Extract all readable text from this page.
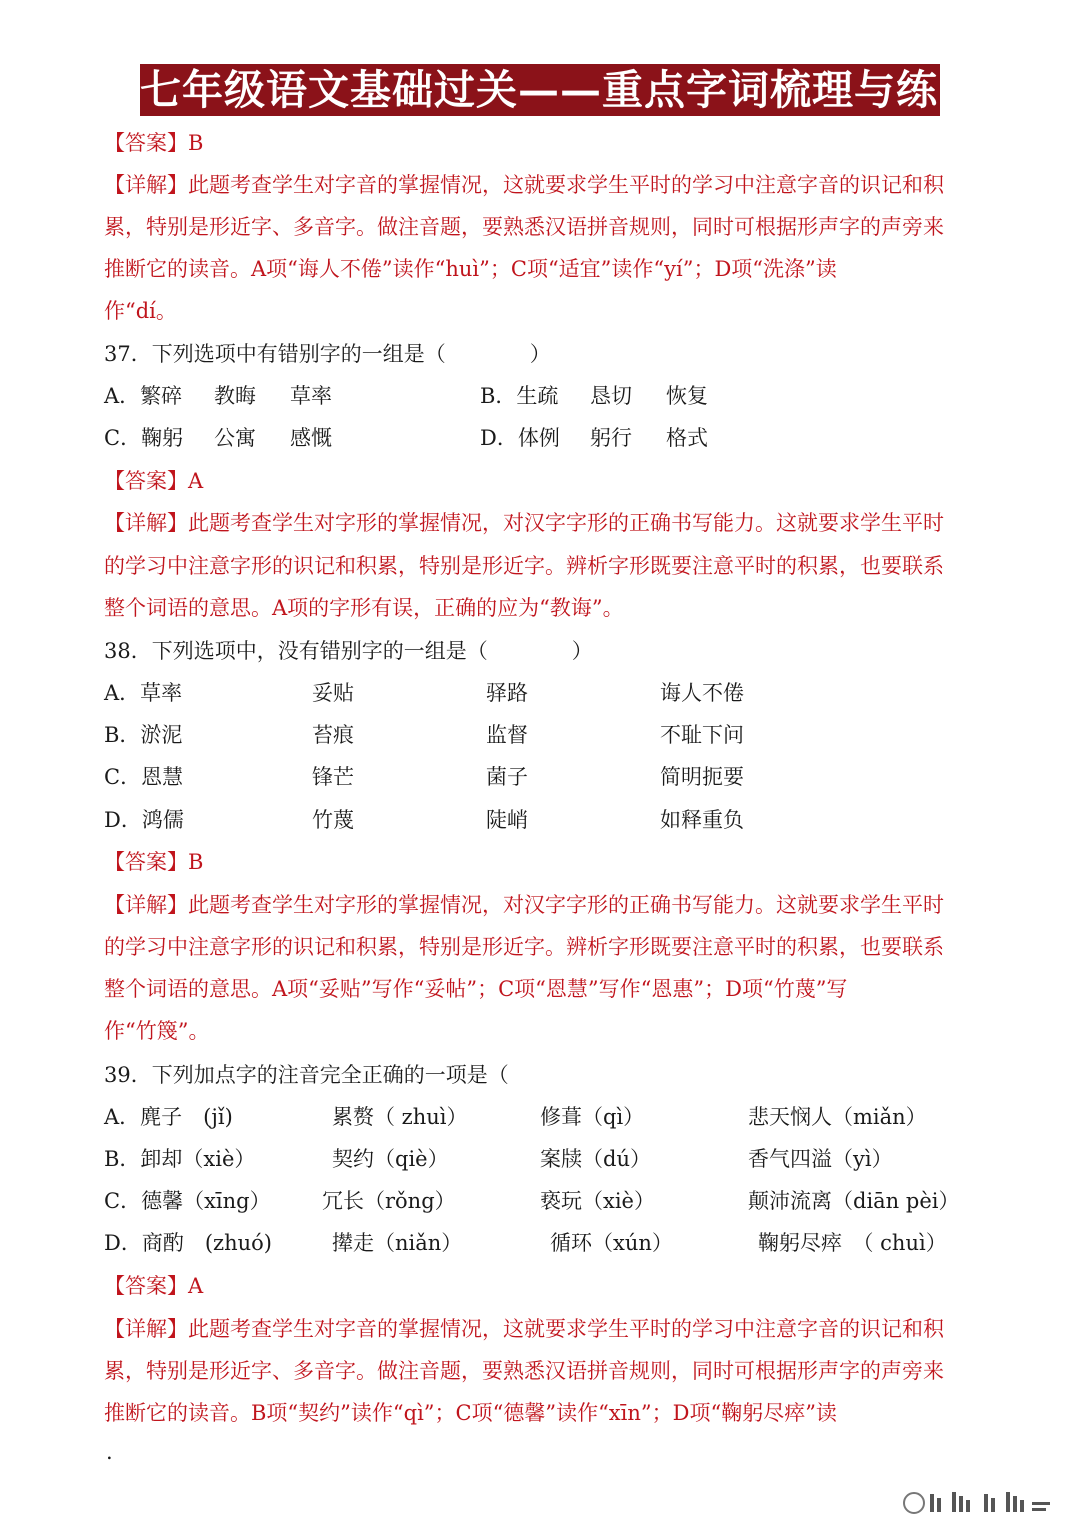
七年级语文基础过关——重点字词梳理与练习
【答案】B
【详解】此题考查学生对字音的掌握情况，这就要求学生平时的学习中注意字音的识记和积
累，特别是形近字、多音字。做注音题，要熟悉汉语拼音规则，同时可根据形声字的声旁来
推断它的读音。A项“诲人不倦”读作“huì”；C项“适宜”读作“yí”；D项“洗涤”读
作“dí。
37．下列选项中有错别字的一组是（　　　　）
A．繁碎 教晦 草率	B．生疏 恳切 恢复
C．鞠躬 公寓 感慨	D．体例 躬行 格式
【答案】A
【详解】此题考查学生对字形的掌握情况，对汉字字形的正确书写能力。这就要求学生平时
的学习中注意字形的识记和积累，特别是形近字。辨析字形既要注意平时的积累，也要联系
整个词语的意思。A项的字形有误，正确的应为“教诲”。
38．下列选项中，没有错别字的一组是（　　　　）
A．草率	妥贴	驿路	诲人不倦
B．淤泥	苔痕	监督	不耻下问
C．恩慧	锋芒	菌子	简明扼要
D．鸿儒	竹蔑	陡峭	如释重负
【答案】B
【详解】此题考查学生对字形的掌握情况，对汉字字形的正确书写能力。这就要求学生平时
的学习中注意字形的识记和积累，特别是形近字。辨析字形既要注意平时的积累，也要联系
整个词语的意思。A项“妥贴”写作“妥帖”；C项“恩慧”写作“恩惠”；D项“竹蔑”写
作“竹篾”。
39．下列加点字的注音完全正确的一项是（
A．麂子　(jǐ)	累赘（ zhuì）	修葺（qì）	悲天悯人（miǎn）
B．卸却（xiè）	契约（qiè）	案牍（dú）	香气四溢（yì）
C．德馨（xīng） 冗长（rǒng）	亵玩（xiè）	颠沛流离（diān pèi）
D．商酌　(zhuó)	撵走（niǎn）	循环（xún）	鞠躬尽瘁　（ chuì）
【答案】A
【详解】此题考查学生对字音的掌握情况，这就要求学生平时的学习中注意字音的识记和积
累，特别是形近字、多音字。做注音题，要熟悉汉语拼音规则，同时可根据形声字的声旁来
推断它的读音。B项“契约”读作“qì”；C项“德馨”读作“xīn”；D项“鞠躬尽瘁”读
.
